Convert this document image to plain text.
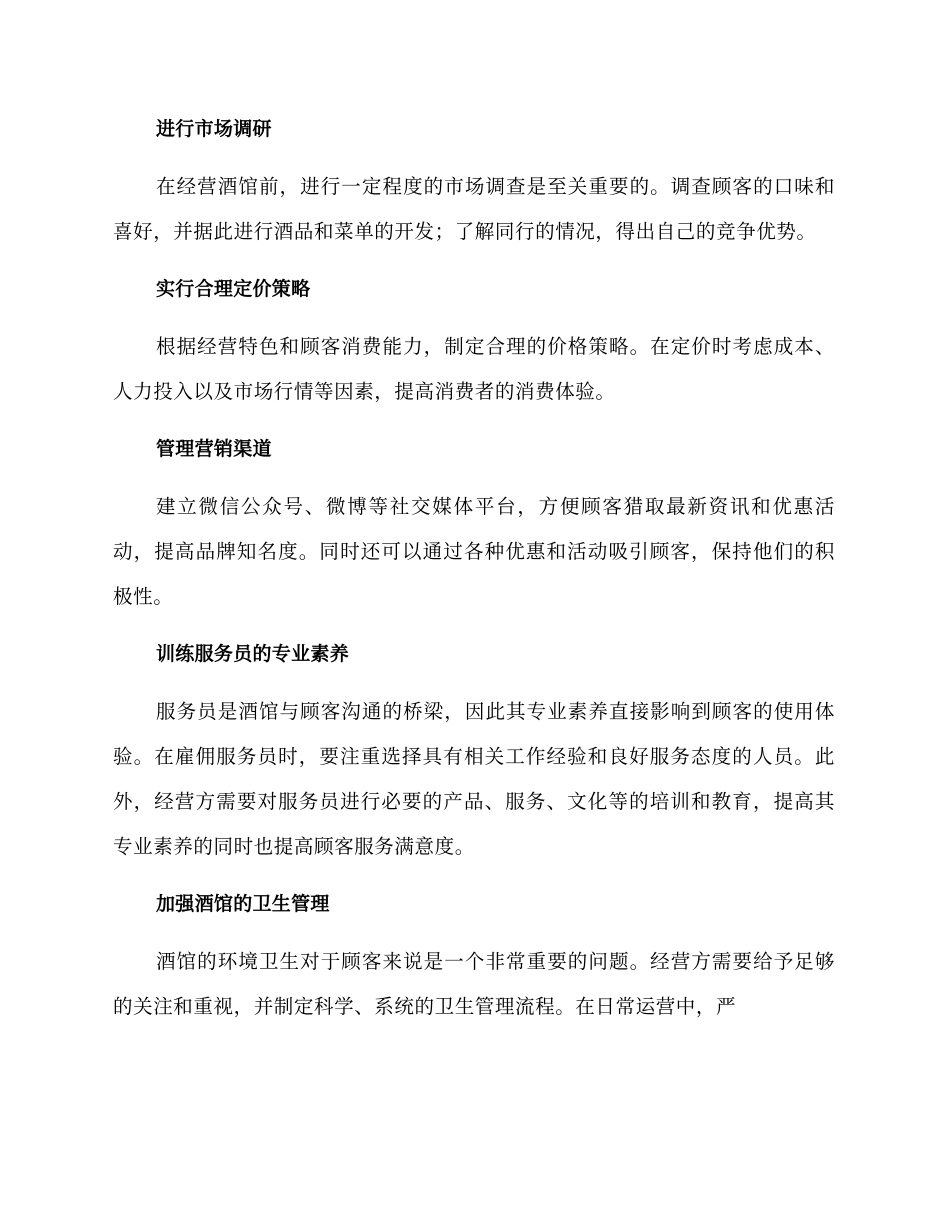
进行市场调研

在经营酒馆前，进行一定程度的市场调查是至关重要的。调查顾客的口味和喜好，并据此进行酒品和菜单的开发；了解同行的情况，得出自己的竞争优势。

实行合理定价策略

根据经营特色和顾客消费能力，制定合理的价格策略。在定价时考虑成本、人力投入以及市场行情等因素，提高消费者的消费体验。

管理营销渠道

建立微信公众号、微博等社交媒体平台，方便顾客猎取最新资讯和优惠活动，提高品牌知名度。同时还可以通过各种优惠和活动吸引顾客，保持他们的积极性。

训练服务员的专业素养

服务员是酒馆与顾客沟通的桥梁，因此其专业素养直接影响到顾客的使用体验。在雇佣服务员时，要注重选择具有相关工作经验和良好服务态度的人员。此外，经营方需要对服务员进行必要的产品、服务、文化等的培训和教育，提高其专业素养的同时也提高顾客服务满意度。

加强酒馆的卫生管理

酒馆的环境卫生对于顾客来说是一个非常重要的问题。经营方需要给予足够的关注和重视，并制定科学、系统的卫生管理流程。在日常运营中，严
